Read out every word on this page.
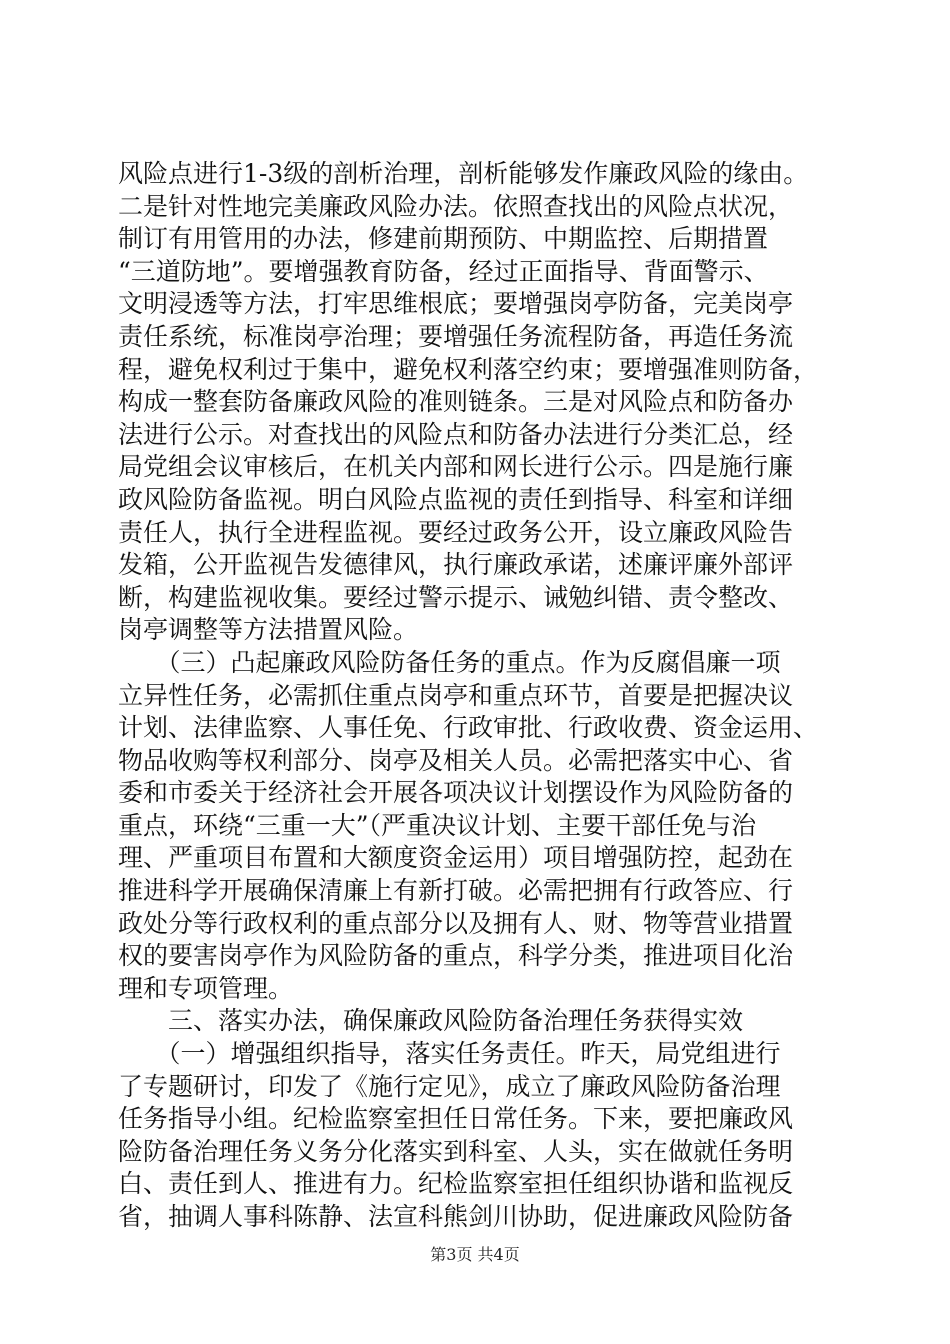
风险点进行1-3级的剖析治理，剖析能够发作廉政风险的缘由。
二是针对性地完美廉政风险办法。依照查找出的风险点状况，
制订有用管用的办法，修建前期预防、中期监控、后期措置
“三道防地”。要增强教育防备，经过正面指导、背面警示、
文明浸透等方法，打牢思维根底；要增强岗亭防备，完美岗亭
责任系统，标准岗亭治理；要增强任务流程防备，再造任务流
程，避免权利过于集中，避免权利落空约束；要增强准则防备，
构成一整套防备廉政风险的准则链条。三是对风险点和防备办
法进行公示。对查找出的风险点和防备办法进行分类汇总，经
局党组会议审核后，在机关内部和网长进行公示。四是施行廉
政风险防备监视。明白风险点监视的责任到指导、科室和详细
责任人，执行全进程监视。要经过政务公开，设立廉政风险告
发箱，公开监视告发德律风，执行廉政承诺，述廉评廉外部评
断，构建监视收集。要经过警示提示、诫勉纠错、责令整改、
岗亭调整等方法措置风险。
　　（三）凸起廉政风险防备任务的重点。作为反腐倡廉一项
立异性任务，必需抓住重点岗亭和重点环节，首要是把握决议
计划、法律监察、人事任免、行政审批、行政收费、资金运用、
物品收购等权利部分、岗亭及相关人员。必需把落实中心、省
委和市委关于经济社会开展各项决议计划摆设作为风险防备的
重点，环绕“三重一大”（严重决议计划、主要干部任免与治
理、严重项目布置和大额度资金运用）项目增强防控，起劲在
推进科学开展确保清廉上有新打破。必需把拥有行政答应、行
政处分等行政权利的重点部分以及拥有人、财、物等营业措置
权的要害岗亭作为风险防备的重点，科学分类，推进项目化治
理和专项管理。
　　三、落实办法，确保廉政风险防备治理任务获得实效
　　（一）增强组织指导，落实任务责任。昨天，局党组进行
了专题研讨，印发了《施行定见》，成立了廉政风险防备治理
任务指导小组。纪检监察室担任日常任务。下来，要把廉政风
险防备治理任务义务分化落实到科室、人头，实在做就任务明
白、责任到人、推进有力。纪检监察室担任组织协谐和监视反
省，抽调人事科陈静、法宣科熊剑川协助，促进廉政风险防备
第3页 共4页
